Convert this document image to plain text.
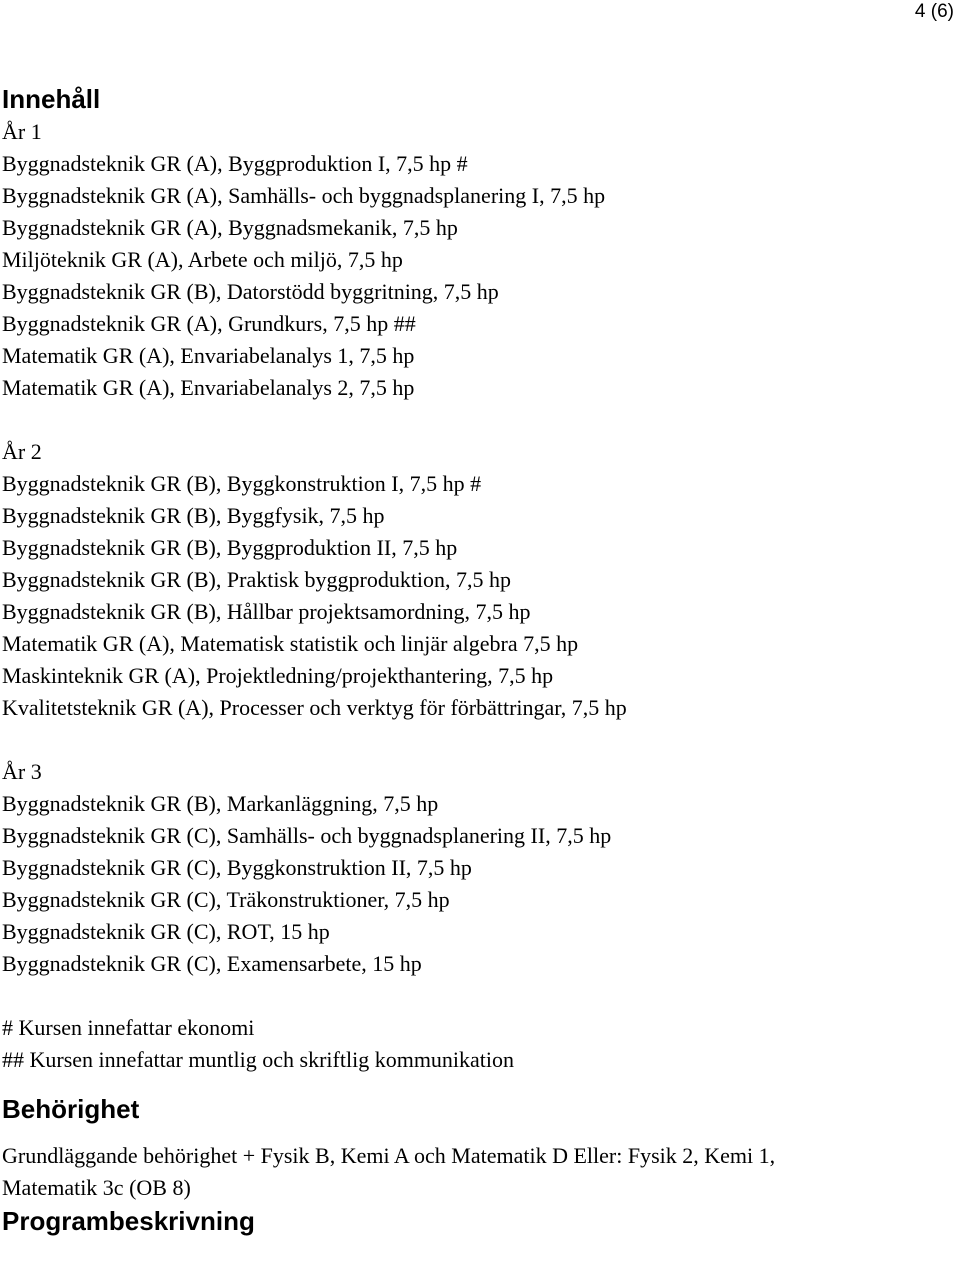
4 (6)

Innehåll

År 1

Byggnadsteknik GR (A), Byggproduktion I, 7,5 hp #
Byggnadsteknik GR (A), Samhälls- och byggnadsplanering I, 7,5 hp
Byggnadsteknik GR (A), Byggnadsmekanik, 7,5 hp
Miljöteknik GR (A), Arbete och miljö, 7,5 hp
Byggnadsteknik GR (B), Datorstödd byggritning, 7,5 hp
Byggnadsteknik GR (A), Grundkurs, 7,5 hp ##
Matematik GR (A), Envariabelanalys 1, 7,5 hp
Matematik GR (A), Envariabelanalys 2, 7,5 hp

År 2

Byggnadsteknik GR (B), Byggkonstruktion I, 7,5 hp #
Byggnadsteknik GR (B), Byggfysik, 7,5 hp
Byggnadsteknik GR (B), Byggproduktion II, 7,5 hp
Byggnadsteknik GR (B), Praktisk byggproduktion, 7,5 hp
Byggnadsteknik GR (B), Hållbar projektsamordning, 7,5 hp
Matematik GR (A), Matematisk statistik och linjär algebra 7,5 hp
Maskinteknik GR (A), Projektledning/projekthantering, 7,5 hp
Kvalitetsteknik GR (A), Processer och verktyg för förbättringar, 7,5 hp

År 3

Byggnadsteknik GR (B), Markanläggning, 7,5 hp
Byggnadsteknik GR (C), Samhälls- och byggnadsplanering II, 7,5 hp
Byggnadsteknik GR (C), Byggkonstruktion II, 7,5 hp
Byggnadsteknik GR (C), Träkonstruktioner, 7,5 hp
Byggnadsteknik GR (C), ROT, 15 hp
Byggnadsteknik GR (C), Examensarbete, 15 hp
# Kursen innefattar ekonomi
## Kursen innefattar muntlig och skriftlig kommunikation
Behörighet

Grundläggande behörighet + Fysik B, Kemi A och Matematik D Eller: Fysik 2, Kemi 1, Matematik 3c (OB 8)

Programbeskrivning
